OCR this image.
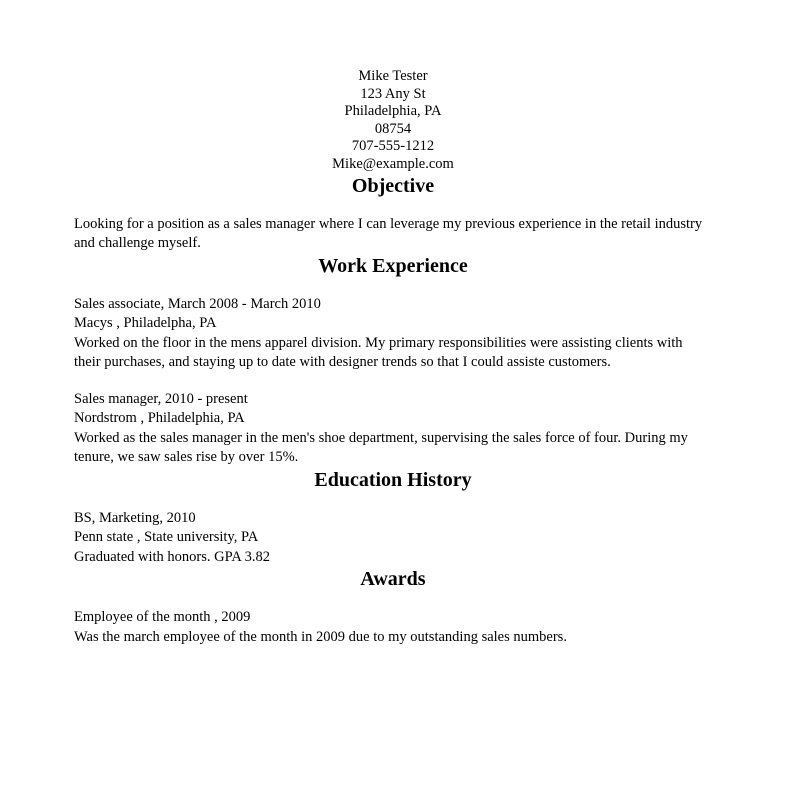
Mike Tester
123 Any St
Philadelphia, PA
08754
707-555-1212
Mike@example.com
Objective

Looking for a position as a sales manager where I can leverage my previous experience in the retail industry and challenge myself.

Work Experience
Sales associate, March 2008 - March 2010
Macys , Philadelpha, PA
Worked on the floor in the mens apparel division. My primary responsibilities were assisting clients with their purchases, and staying up to date with designer trends so that I could assiste customers.
Sales manager, 2010 - present
Nordstrom , Philadelphia, PA
Worked as the sales manager in the men's shoe department, supervising the sales force of four. During my tenure, we saw sales rise by over 15%.
Education History
BS, Marketing, 2010
Penn state , State university, PA
Graduated with honors. GPA 3.82
Awards
Employee of the month , 2009
Was the march employee of the month in 2009 due to my outstanding sales numbers.
